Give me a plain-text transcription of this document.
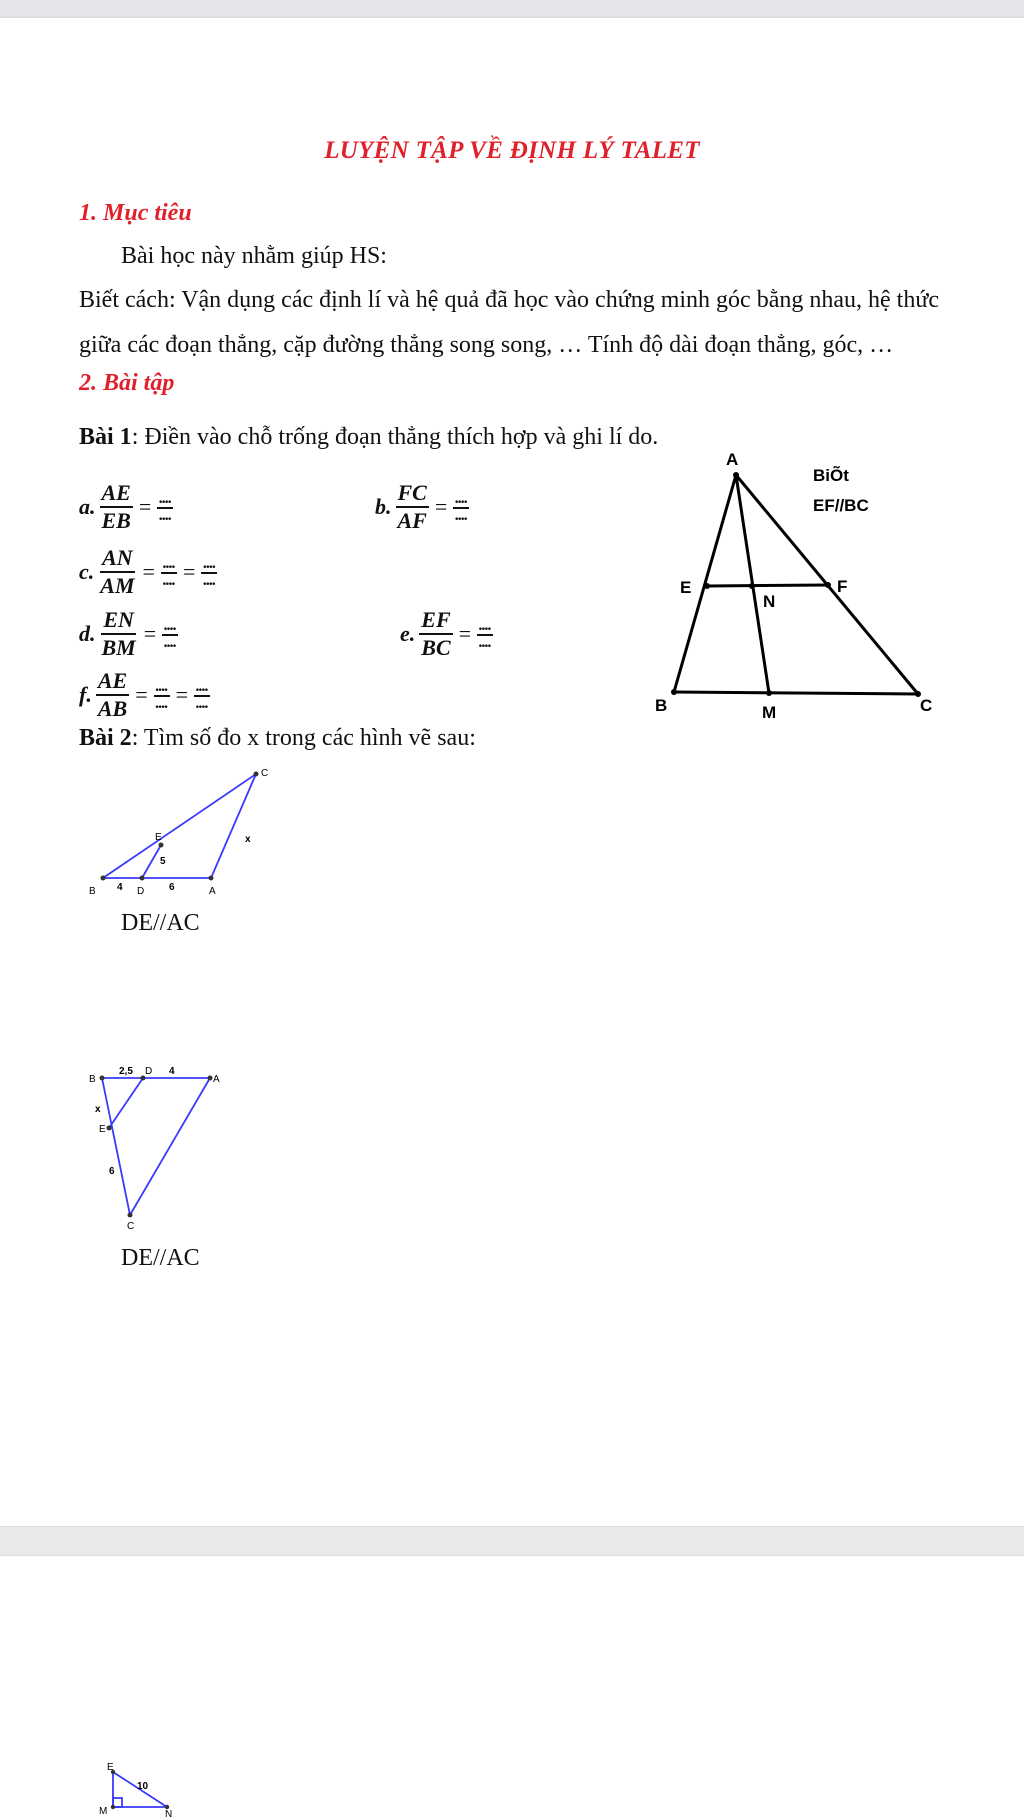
LUYỆN TẬP VỀ ĐỊNH LÝ TALET
1. Mục tiêu
Bài học này nhằm giúp HS:
Biết cách: Vận dụng các định lí và hệ quả đã học vào chứng minh góc bằng nhau, hệ thức
giữa các đoạn thẳng, cặp đường thẳng song song, … Tính độ dài đoạn thẳng, góc, …
2. Bài tập
Bài 1: Điền vào chỗ trống đoạn thẳng thích hợp và ghi lí do.
a. $\frac{AE}{EB}$ = ....
....	b. $\frac{FC}{AF}$ = ....
....
c. $\frac{AN}{AM}$ = ....
.... = ....
....
d. $\frac{EN}{BM}$ = ....
....	e. $\frac{EF}{BC}$ = ....
....
f. $\frac{AE}{AB}$ = ....
.... = ....
....
A
B	C
E	F
M
N
BiÕt
EF//BC
Bài 2: Tìm số đo x trong các hình vẽ sau:
B	D	A
C
E
4	6
5
x
DE//AC
B
D
A
E
C
2,5	4
x
6
DE//AC
E
M	N
10
